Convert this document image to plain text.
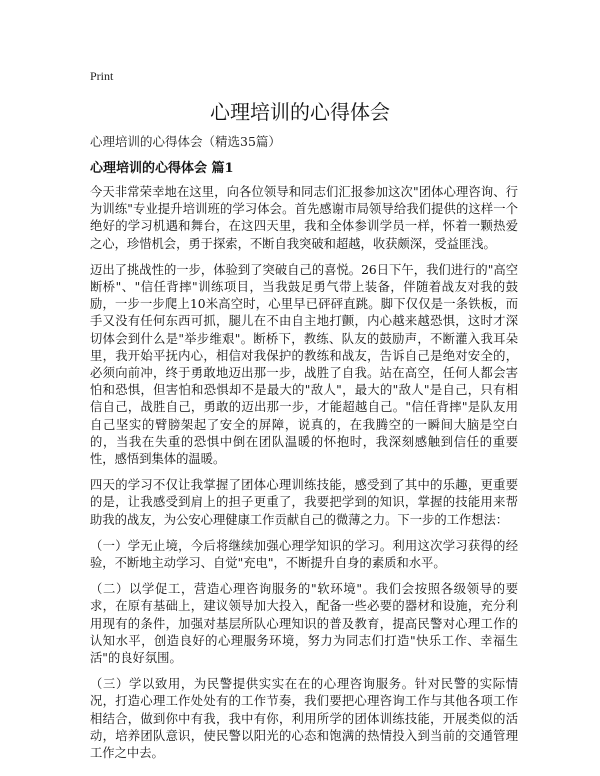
Print
心理培训的心得体会
心理培训的心得体会（精选35篇）
心理培训的心得体会 篇1

今天非常荣幸地在这里，向各位领导和同志们汇报参加这次"团体心理咨询、行为训练"专业提升培训班的学习体会。首先感谢市局领导给我们提供的这样一个绝好的学习机遇和舞台，在这四天里，我和全体参训学员一样，怀着一颗热爱之心，珍惜机会，勇于探索，不断自我突破和超越，收获颇深，受益匪浅。

迈出了挑战性的一步，体验到了突破自己的喜悦。26日下午，我们进行的"高空断桥"、"信任背摔"训练项目，当我鼓足勇气带上装备，伴随着战友对我的鼓励，一步一步爬上10米高空时，心里早已砰砰直跳。脚下仅仅是一条铁板，而手又没有任何东西可抓，腿儿在不由自主地打颤，内心越来越恐惧，这时才深切体会到什么是"举步维艰"。断桥下，教练、队友的鼓励声，不断灌入我耳朵里，我开始平抚内心，相信对我保护的教练和战友，告诉自己是绝对安全的，必须向前冲，终于勇敢地迈出那一步，战胜了自我。站在高空，任何人都会害怕和恐惧，但害怕和恐惧却不是最大的"敌人"，最大的"敌人"是自己，只有相信自己，战胜自己，勇敢的迈出那一步，才能超越自己。"信任背摔"是队友用自己坚实的臂膀架起了安全的屏障，说真的，在我腾空的一瞬间大脑是空白的，当我在失重的恐惧中倒在团队温暖的怀抱时，我深刻感触到信任的重要性，感悟到集体的温暖。

四天的学习不仅让我掌握了团体心理训练技能，感受到了其中的乐趣，更重要的是，让我感受到肩上的担子更重了，我要把学到的知识，掌握的技能用来帮助我的战友，为公安心理健康工作贡献自己的微薄之力。下一步的工作想法：

（一）学无止境，今后将继续加强心理学知识的学习。利用这次学习获得的经验，不断地主动学习、自觉"充电"，不断提升自身的素质和水平。

（二）以学促工，营造心理咨询服务的"软环境"。我们会按照各级领导的要求，在原有基础上，建议领导加大投入，配备一些必要的器材和设施，充分利用现有的条件，加强对基层所队心理知识的普及教育，提高民警对心理工作的认知水平，创造良好的心理服务环境，努力为同志们打造"快乐工作、幸福生活"的良好氛围。

（三）学以致用，为民警提供实实在在的心理咨询服务。针对民警的实际情况，打造心理工作处处有的工作节奏，我们要把心理咨询工作与其他各项工作相结合，做到你中有我，我中有你，利用所学的团体训练技能，开展类似的活动，培养团队意识，使民警以阳光的心态和饱满的热情投入到当前的交通管理工作之中去。
